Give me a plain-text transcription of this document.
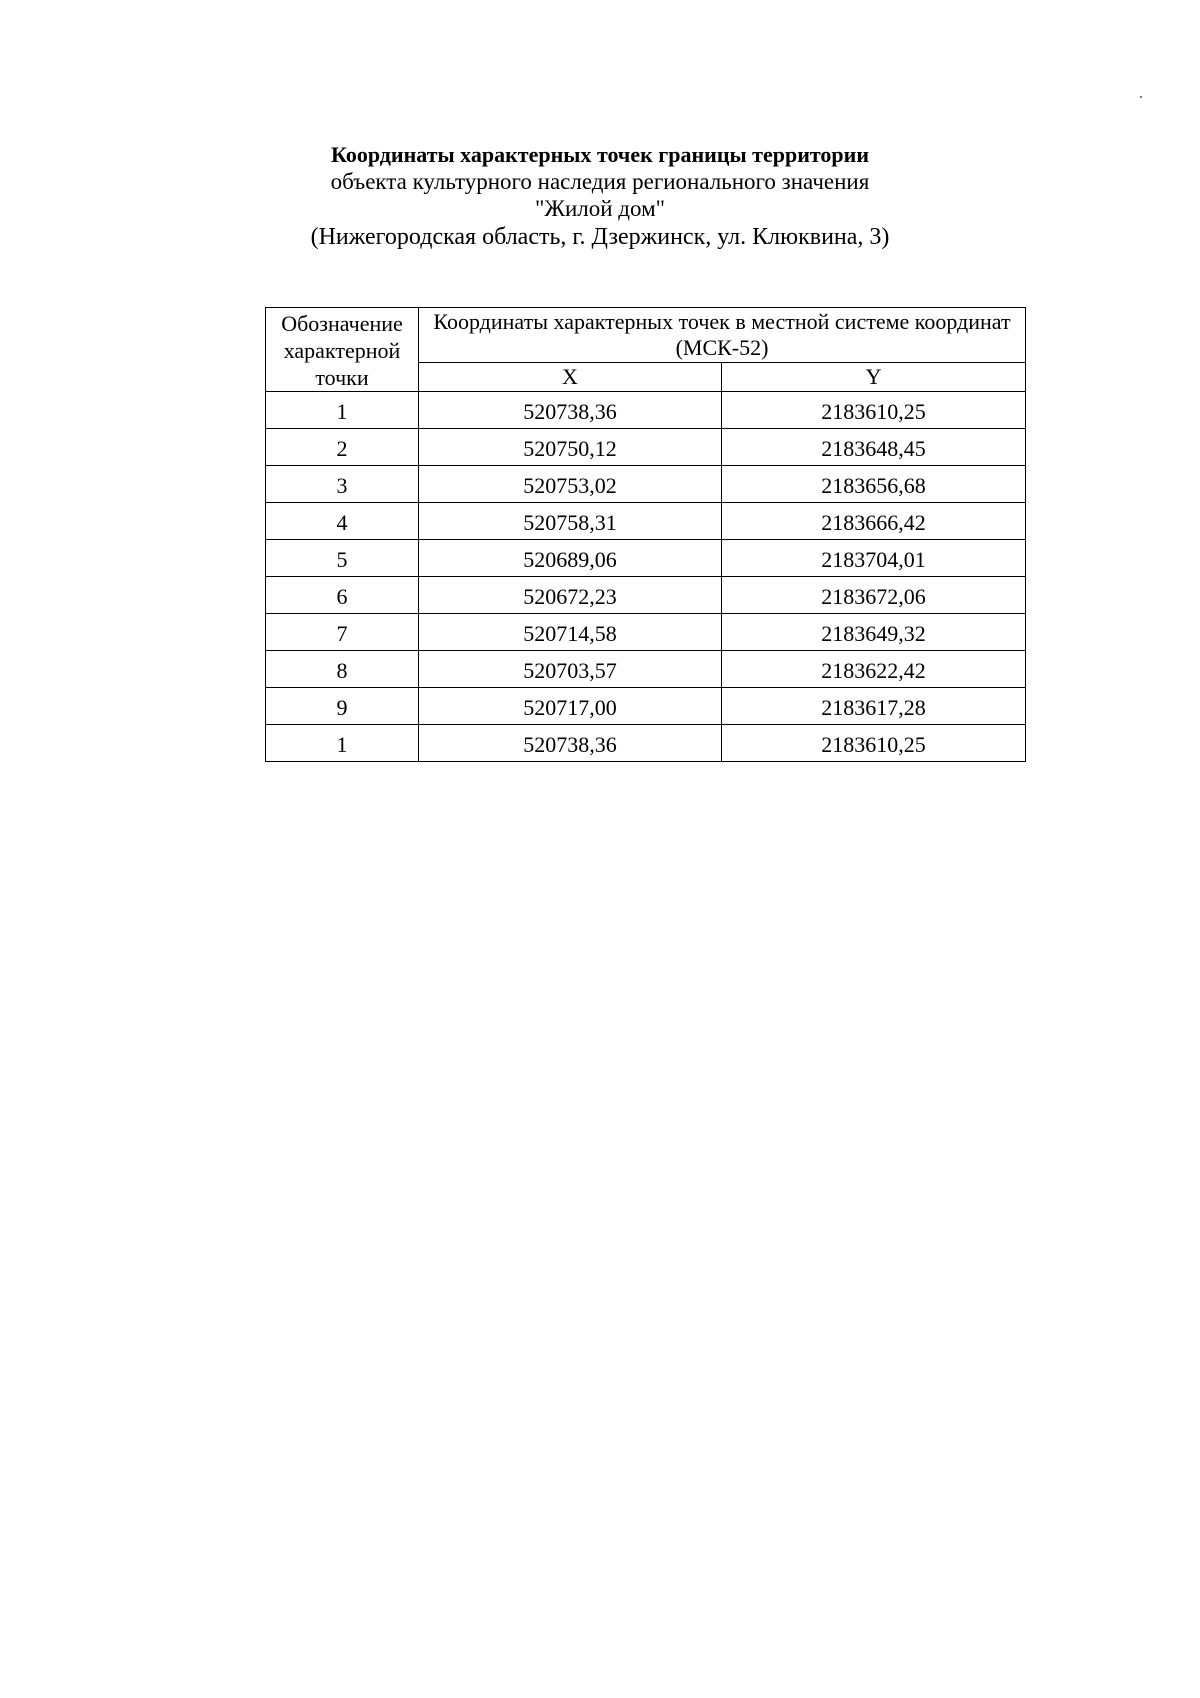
Координаты характерных точек границы территории
объекта культурного наследия регионального значения
"Жилой дом"
(Нижегородская область, г. Дзержинск, ул. Клюквина, 3)
Обозначение
характерной
точки	Координаты характерных точек в местной системе координат (МСК-52)	
	X	Y
1	520738,36	2183610,25
2	520750,12	2183648,45
3	520753,02	2183656,68
4	520758,31	2183666,42
5	520689,06	2183704,01
6	520672,23	2183672,06
7	520714,58	2183649,32
8	520703,57	2183622,42
9	520717,00	2183617,28
1	520738,36	2183610,25
